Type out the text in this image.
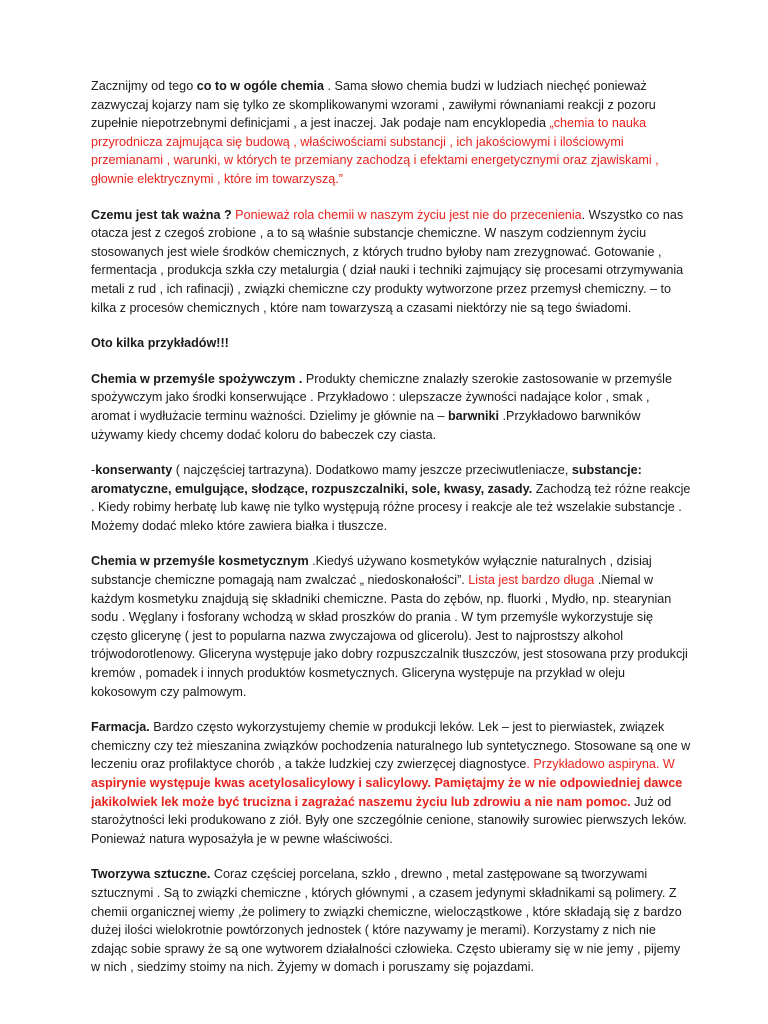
Zacznijmy od tego co to w ogóle chemia . Sama słowo chemia budzi w ludziach niechęć ponieważ zazwyczaj kojarzy nam się tylko ze skomplikowanymi wzorami , zawiłymi równaniami reakcji z pozoru zupełnie niepotrzebnymi definicjami , a jest inaczej. Jak podaje nam encyklopedia „chemia to nauka przyrodnicza zajmująca się budową , właściwościami substancji , ich jakościowymi i ilościowymi przemianami , warunki, w których te przemiany zachodzą i efektami energetycznymi oraz zjawiskami , głownie elektrycznymi , które im towarzyszą.”

Czemu jest tak ważna ? Ponieważ rola chemii w naszym życiu jest nie do przecenienia. Wszystko co nas otacza jest z czegoś zrobione , a to są właśnie substancje chemiczne. W naszym codziennym życiu stosowanych jest wiele środków chemicznych, z których trudno byłoby nam zrezygnować. Gotowanie , fermentacja , produkcja szkła czy metalurgia ( dział nauki i techniki zajmujący się procesami otrzymywania metali z rud , ich rafinacji) , związki chemiczne czy produkty wytworzone przez przemysł chemiczny. – to kilka z procesów chemicznych , które nam towarzyszą a czasami niektórzy nie są tego świadomi.

Oto kilka przykładów!!!

Chemia w przemyśle spożywczym . Produkty chemiczne znalazły szerokie zastosowanie w przemyśle spożywczym jako środki konserwujące . Przykładowo : ulepszacze żywności nadające kolor , smak , aromat i wydłużacie terminu ważności. Dzielimy je głównie na – barwniki .Przykładowo barwników używamy kiedy chcemy dodać koloru do babeczek czy ciasta.

-konserwanty ( najczęściej tartrazyna). Dodatkowo mamy jeszcze przeciwutleniacze, substancje: aromatyczne, emulgujące, słodzące, rozpuszczalniki, sole, kwasy, zasady. Zachodzą też różne reakcje . Kiedy robimy herbatę lub kawę nie tylko występują różne procesy i reakcje ale też wszelakie substancje . Możemy dodać mleko które zawiera białka i tłuszcze.

Chemia w przemyśle kosmetycznym .Kiedyś używano kosmetyków wyłącznie naturalnych , dzisiaj substancje chemiczne pomagają nam zwalczać „ niedoskonałości”. Lista jest bardzo długa .Niemal w każdym kosmetyku znajdują się składniki chemiczne. Pasta do zębów, np. fluorki , Mydło, np. stearynian sodu . Węglany i fosforany wchodzą w skład proszków do prania . W tym przemyśle wykorzystuje się często glicerynę ( jest to popularna nazwa zwyczajowa od glicerolu). Jest to najprostszy alkohol trójwodorotlenowy. Gliceryna występuje jako dobry rozpuszczalnik tłuszczów, jest stosowana przy produkcji kremów , pomadek i innych produktów kosmetycznych. Gliceryna występuje na przykład w oleju kokosowym czy palmowym.

Farmacja. Bardzo często wykorzystujemy chemie w produkcji leków. Lek – jest to pierwiastek, związek chemiczny czy też mieszanina związków pochodzenia naturalnego lub syntetycznego. Stosowane są one w leczeniu oraz profilaktyce chorób , a także ludzkiej czy zwierzęcej diagnostyce. Przykładowo aspiryna. W aspirynie występuje kwas acetylosalicylowy i salicylowy. Pamiętajmy że w nie odpowiedniej dawce jakikolwiek lek może być trucizna i zagrażać naszemu życiu lub zdrowiu a nie nam pomoc. Już od starożytności leki produkowano z ziół. Były one szczególnie cenione, stanowiły surowiec pierwszych leków. Ponieważ natura wyposażyła je w pewne właściwości.

Tworzywa sztuczne. Coraz częściej porcelana, szkło , drewno , metal zastępowane są tworzywami sztucznymi . Są to związki chemiczne , których głównymi , a czasem jedynymi składnikami są polimery. Z chemii organicznej wiemy ,że polimery to związki chemiczne, wielocząstkowe , które składają się z bardzo dużej ilości wielokrotnie powtórzonych jednostek ( które nazywamy je merami). Korzystamy z nich nie zdając sobie sprawy że są one wytworem działalności człowieka. Często ubieramy się w nie jemy , pijemy w nich , siedzimy stoimy na nich. Żyjemy w domach i poruszamy się pojazdami.
